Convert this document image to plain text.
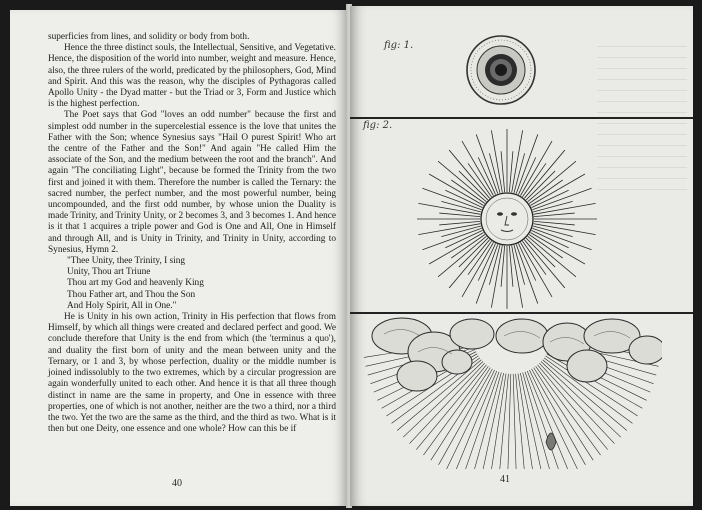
superficies from lines, and solidity or body from both.

Hence the three distinct souls, the Intellectual, Sensitive, and Vegetative. Hence, the disposition of the world into number, weight and measure. Hence, also, the three rulers of the world, predicated by the philosophers, God, Mind and Spirit. And this was the reason, why the disciples of Pythagoras called Apollo Unity - the Dyad matter - but the Triad or 3, Form and Justice which is the highest perfection.

The Poet says that God "loves an odd number" because the first and simplest odd number in the supercelestial essence is the love that unites the Father with the Son; whence Synesius says "Hail O purest Spirit! Who art the centre of the Father and the Son!" And again "He called Him the associate of the Son, and the medium between the root and the branch". And again "The conciliating Light", because be formed the Trinity from the two first and joined it with them. Therefore the number is called the Ternary: the sacred number, the perfect number, and the most powerful number, being uncompounded, and the first odd number, by whose union the Duality is made Trinity, and Trinity Unity, or 2 becomes 3, and 3 becomes 1. And hence is it that 1 acquires a triple power and God is One and All, One in Himself and through All, and is Unity in Trinity, and Trinity in Unity, according to Synesius, Hymn 2.

"Thee Unity, thee Trinity, I sing

Unity, Thou art Triune

Thou art my God and heavenly King

Thou Father art, and Thou the Son

And Holy Spirit, All in One."

He is Unity in his own action, Trinity in His perfection that flows from Himself, by which all things were created and declared perfect and good. We conclude therefore that Unity is the end from which (the 'terminus a quo'), and duality the first born of unity and the mean between unity and the Ternary, or 1 and 3, by whose perfection, duality or the middle number is joined indissolubly to the two extremes, which by a circular progression are again wonderfully united to each other. And hence it is that all three though distinct in name are the same in property, and One in essence with three properties, one of which is not another, neither are the two a third, nor a third the two. Yet the two are the same as the third, and the third as two. What is it then but one Deity, one essence and one whole? How can this be if

40
fig: 1.
fig: 2.
41
